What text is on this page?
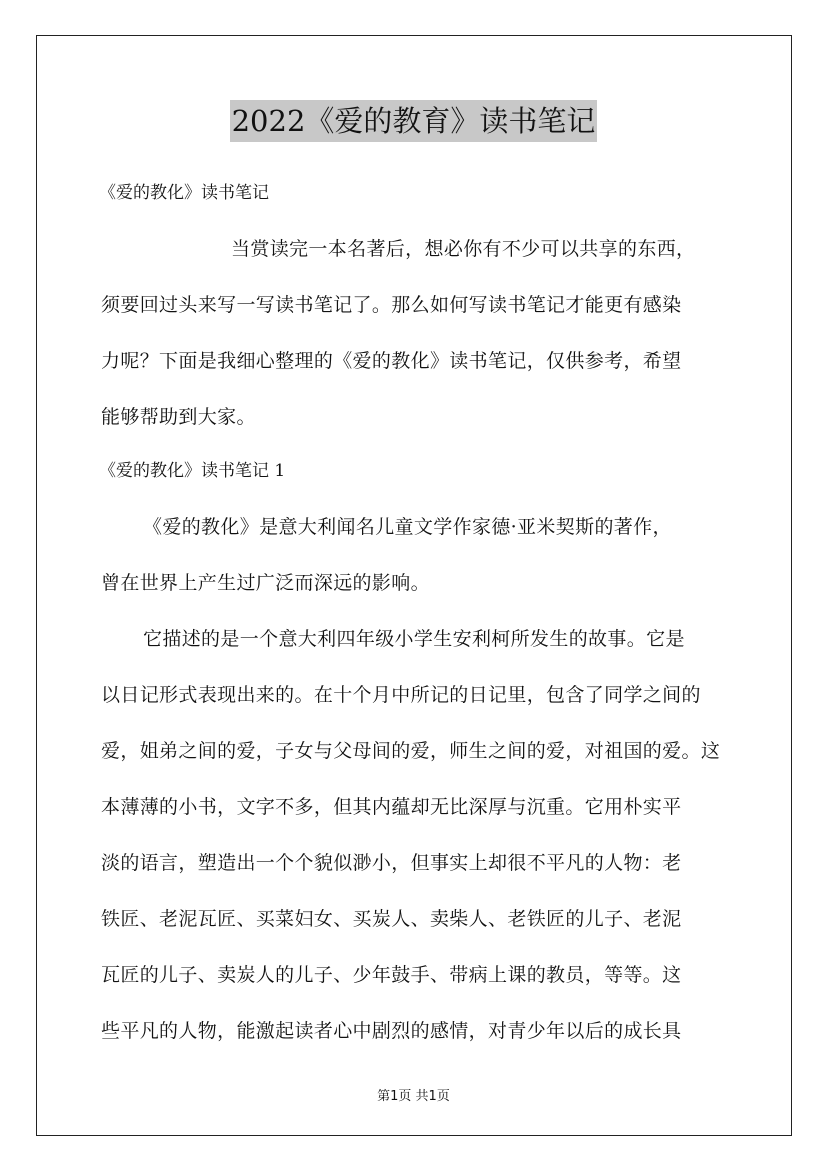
2022《爱的教育》读书笔记
《爱的教化》读书笔记
当赏读完一本名著后，想必你有不少可以共享的东西，
须要回过头来写一写读书笔记了。那么如何写读书笔记才能更有感染
力呢？下面是我细心整理的《爱的教化》读书笔记，仅供参考，希望
能够帮助到大家。
《爱的教化》读书笔记 1
《爱的教化》是意大利闻名儿童文学作家德·亚米契斯的著作，
曾在世界上产生过广泛而深远的影响。
它描述的是一个意大利四年级小学生安利柯所发生的故事。它是
以日记形式表现出来的。在十个月中所记的日记里，包含了同学之间的
爱，姐弟之间的爱，子女与父母间的爱，师生之间的爱，对祖国的爱。这
本薄薄的小书，文字不多，但其内蕴却无比深厚与沉重。它用朴实平
淡的语言，塑造出一个个貌似渺小，但事实上却很不平凡的人物：老
铁匠、老泥瓦匠、买菜妇女、买炭人、卖柴人、老铁匠的儿子、老泥
瓦匠的儿子、卖炭人的儿子、少年鼓手、带病上课的教员，等等。这
些平凡的人物，能激起读者心中剧烈的感情，对青少年以后的成长具
第1页 共1页
